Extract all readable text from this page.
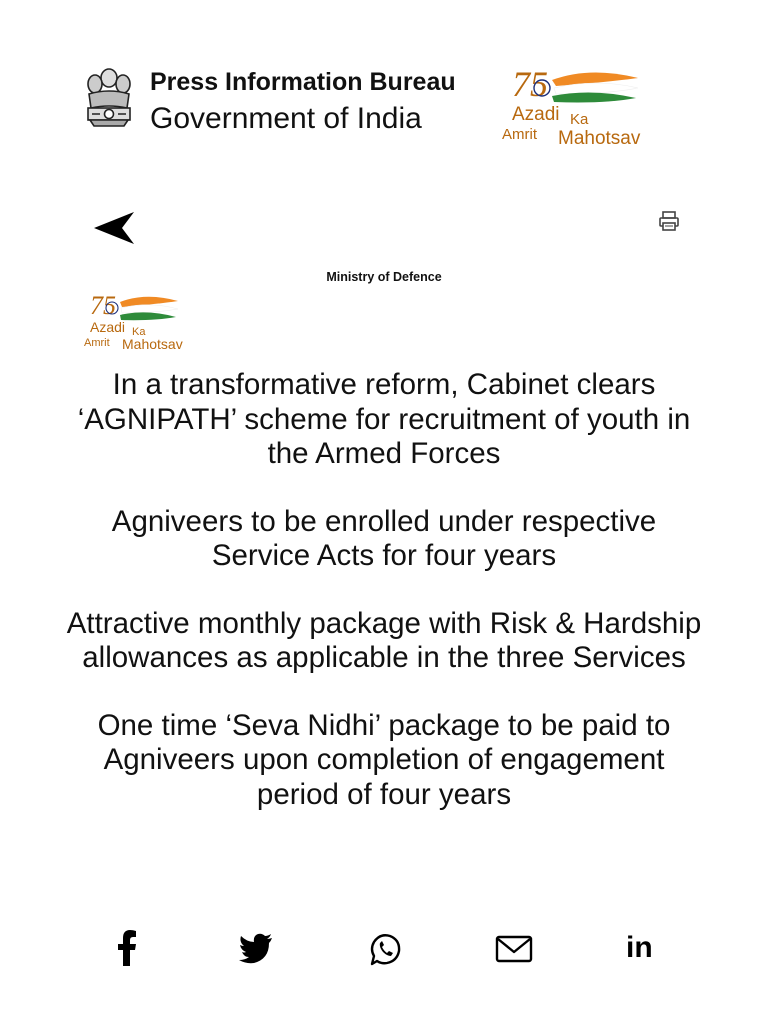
Press Information Bureau
Government of India
75
Azadi Ka
Amrit Mahotsav
Ministry of Defence
75
Azadi Ka
Amrit Mahotsav
In a transformative reform, Cabinet clears ‘AGNIPATH’ scheme for recruitment of youth in the Armed Forces
Agniveers to be enrolled under respective Service Acts for four years
Attractive monthly package with Risk & Hardship allowances as applicable in the three Services
One time ‘Seva Nidhi’ package to be paid to Agniveers upon completion of engagement period of four years
in
